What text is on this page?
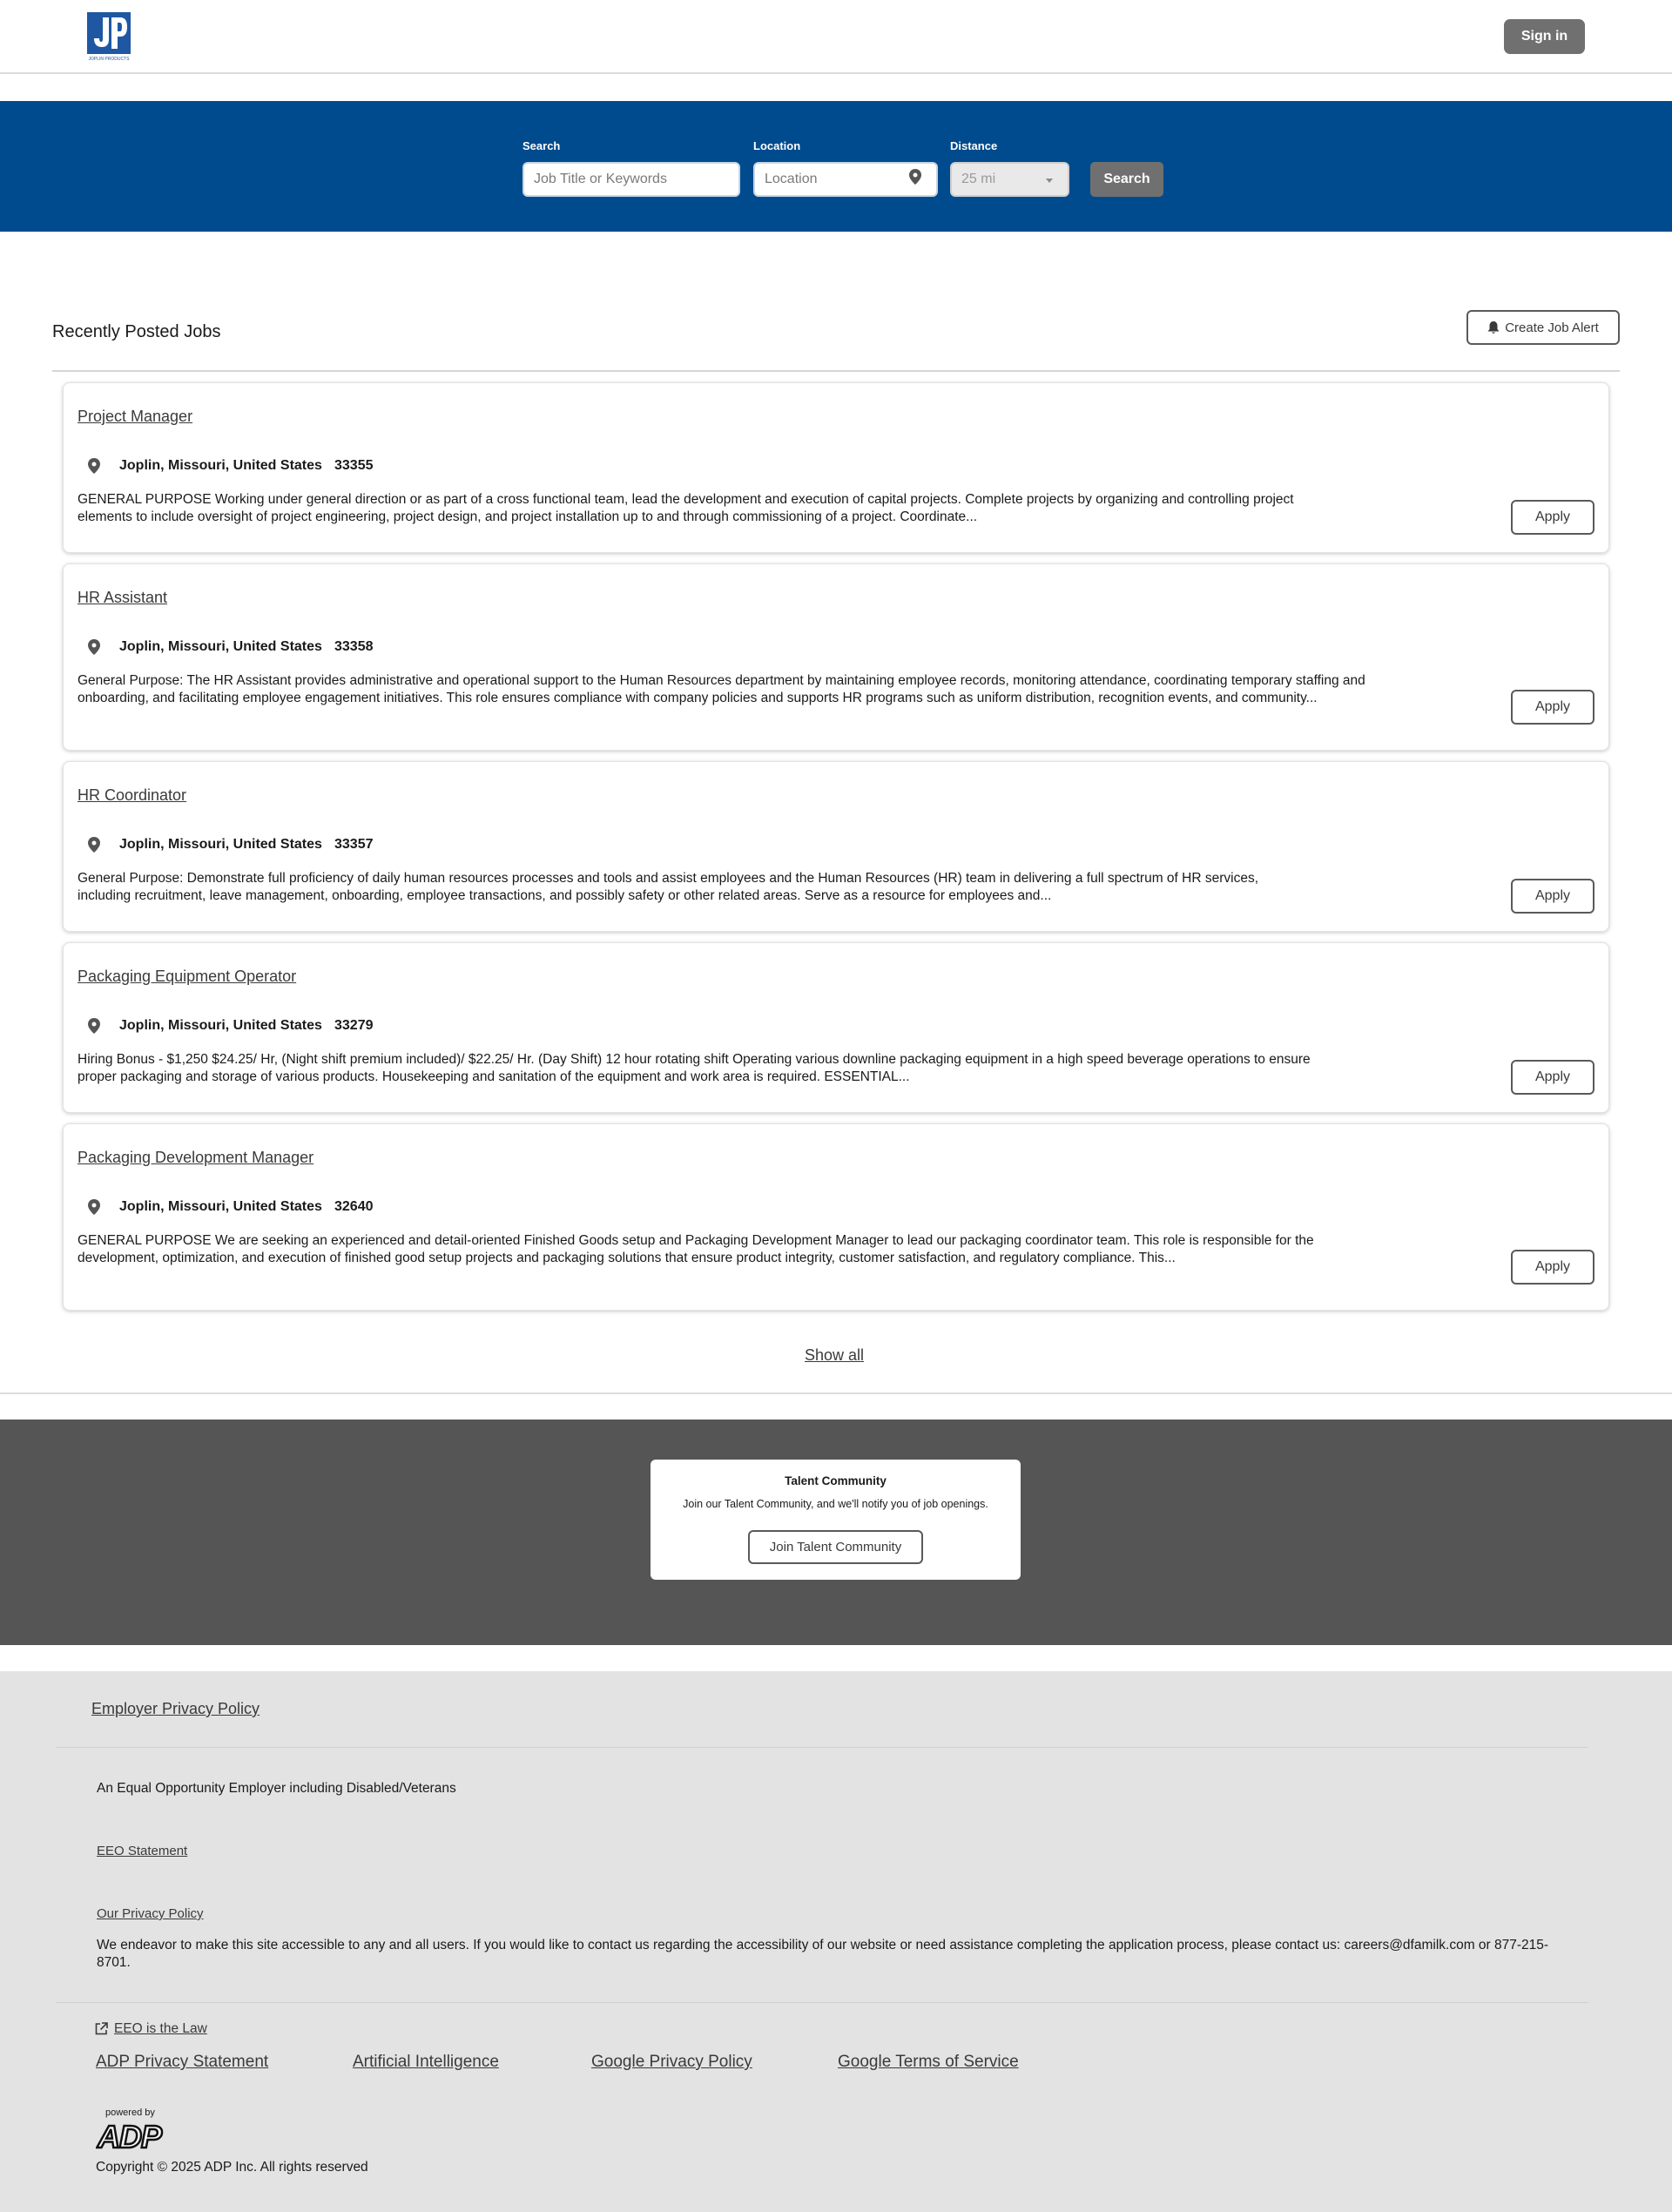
JOPLIN PRODUCTS
Sign in
Search
Job Title or Keywords
Location
Location
Distance
25 mi	Search
Recently Posted Jobs	Create Job Alert
Project Manager
Joplin, Missouri, United States 33355
GENERAL PURPOSE Working under general direction or as part of a cross functional team, lead the development and execution of capital projects. Complete projects by organizing and controlling project elements to include oversight of project engineering, project design, and project installation up to and through commissioning of a project. Coordinate...	Apply
HR Assistant
Joplin, Missouri, United States 33358
General Purpose: The HR Assistant provides administrative and operational support to the Human Resources department by maintaining employee records, monitoring attendance, coordinating temporary staffing and onboarding, and facilitating employee engagement initiatives. This role ensures compliance with company policies and supports HR programs such as uniform distribution, recognition events, and community...
Apply
HR Coordinator
Joplin, Missouri, United States 33357
General Purpose: Demonstrate full proficiency of daily human resources processes and tools and assist employees and the Human Resources (HR) team in delivering a full spectrum of HR services, including recruitment, leave management, onboarding, employee transactions, and possibly safety or other related areas. Serve as a resource for employees and...	Apply
Packaging Equipment Operator
Joplin, Missouri, United States 33279
Hiring Bonus - $1,250 $24.25/ Hr, (Night shift premium included)/ $22.25/ Hr. (Day Shift) 12 hour rotating shift Operating various downline packaging equipment in a high speed beverage operations to ensure proper packaging and storage of various products. Housekeeping and sanitation of the equipment and work area is required. ESSENTIAL...	Apply
Packaging Development Manager
Joplin, Missouri, United States 32640
GENERAL PURPOSE We are seeking an experienced and detail-oriented Finished Goods setup and Packaging Development Manager to lead our packaging coordinator team. This role is responsible for the development, optimization, and execution of finished good setup projects and packaging solutions that ensure product integrity, customer satisfaction, and regulatory compliance. This...
Apply
Show all
Talent Community
Join our Talent Community, and we'll notify you of job openings.
Join Talent Community
Employer Privacy Policy
An Equal Opportunity Employer including Disabled/Veterans
EEO Statement
Our Privacy Policy
We endeavor to make this site accessible to any and all users. If you would like to contact us regarding the accessibility of our website or need assistance completing the application process, please contact us: careers@dfamilk.com or 877-215-8701.
EEO is the Law
ADP Privacy Statement	Artificial Intelligence	Google Privacy Policy	Google Terms of Service
powered by
ADP
Copyright © 2025 ADP Inc. All rights reserved
